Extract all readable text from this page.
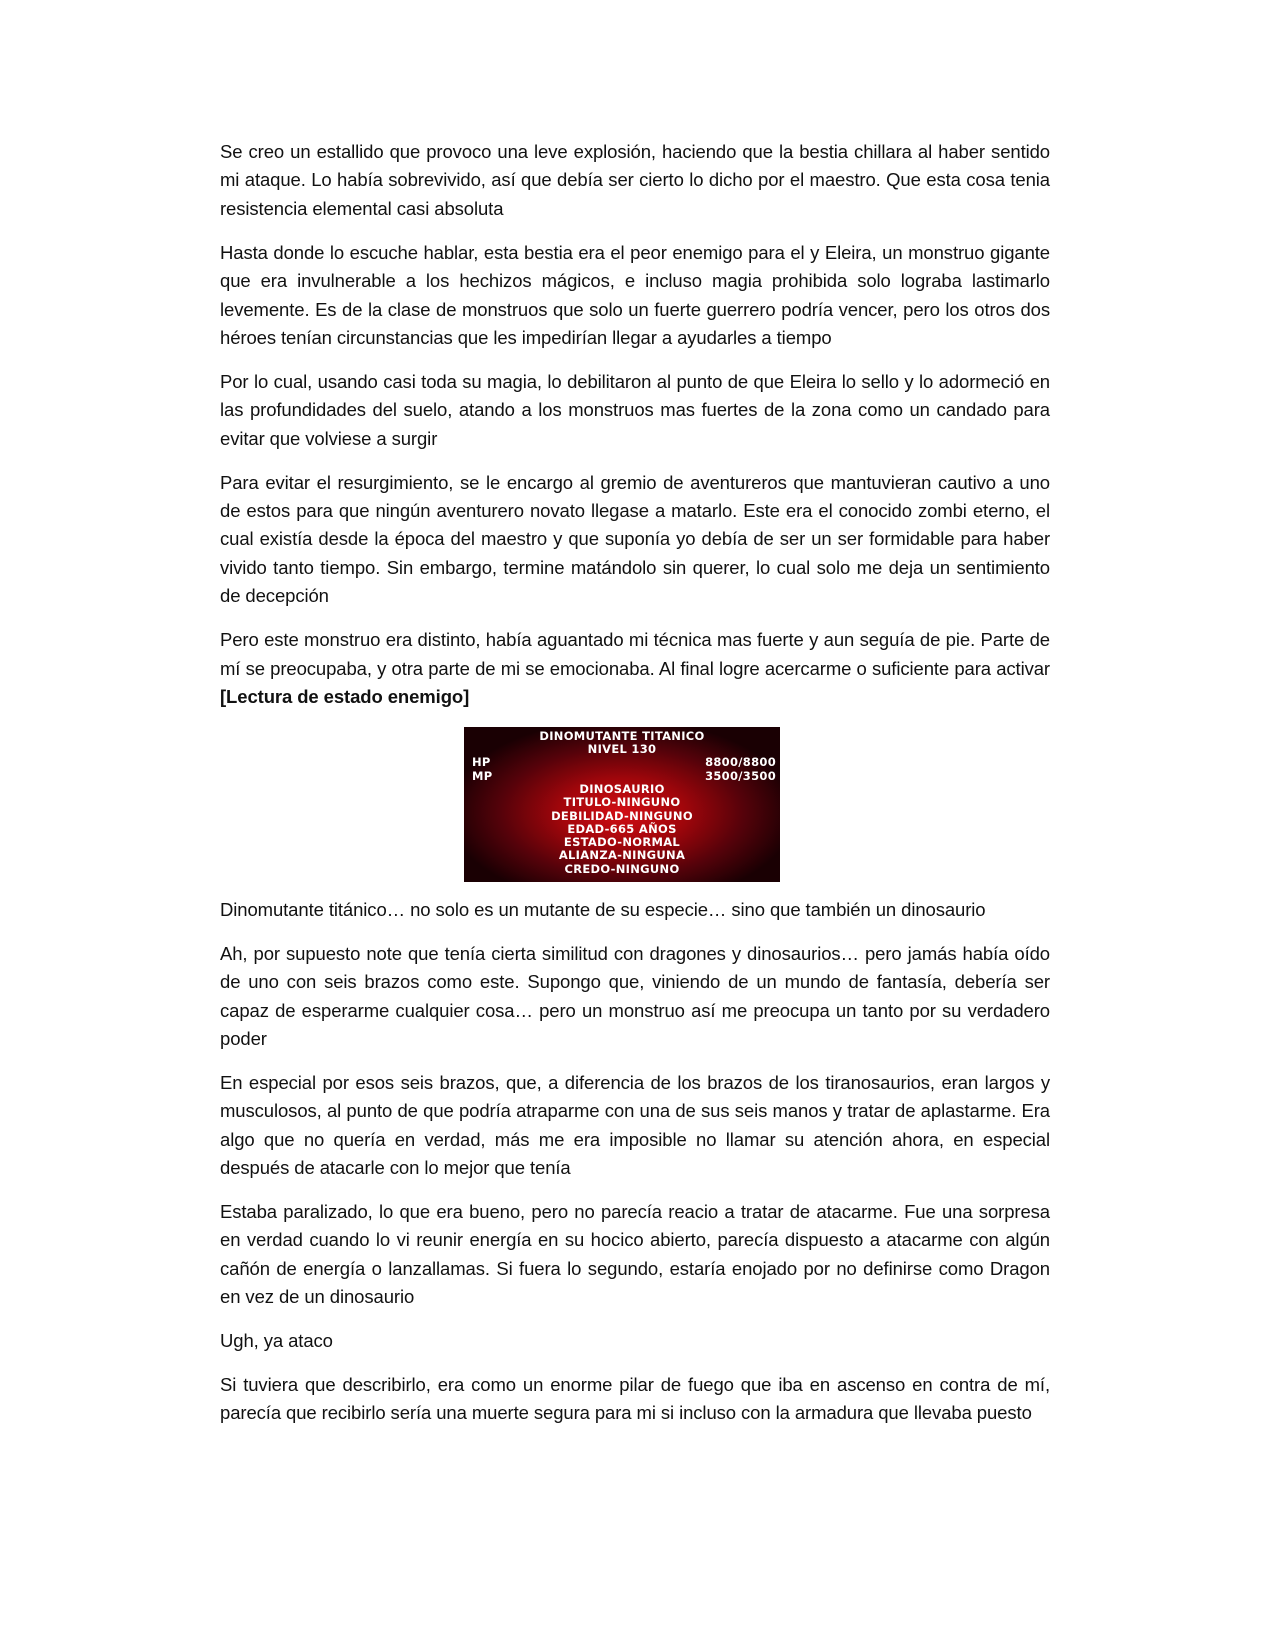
Se creo un estallido que provoco una leve explosión, haciendo que la bestia chillara al haber sentido mi ataque. Lo había sobrevivido, así que debía ser cierto lo dicho por el maestro. Que esta cosa tenia resistencia elemental casi absoluta

Hasta donde lo escuche hablar, esta bestia era el peor enemigo para el y Eleira, un monstruo gigante que era invulnerable a los hechizos mágicos, e incluso magia prohibida solo lograba lastimarlo levemente. Es de la clase de monstruos que solo un fuerte guerrero podría vencer, pero los otros dos héroes tenían circunstancias que les impedirían llegar a ayudarles a tiempo

Por lo cual, usando casi toda su magia, lo debilitaron al punto de que Eleira lo sello y lo adormeció en las profundidades del suelo, atando a los monstruos mas fuertes de la zona como un candado para evitar que volviese a surgir

Para evitar el resurgimiento, se le encargo al gremio de aventureros que mantuvieran cautivo a uno de estos para que ningún aventurero novato llegase a matarlo. Este era el conocido zombi eterno, el cual existía desde la época del maestro y que suponía yo debía de ser un ser formidable para haber vivido tanto tiempo. Sin embargo, termine matándolo sin querer, lo cual solo me deja un sentimiento de decepción

Pero este monstruo era distinto, había aguantado mi técnica mas fuerte y aun seguía de pie. Parte de mí se preocupaba, y otra parte de mi se emocionaba. Al final logre acercarme o suficiente para activar [Lectura de estado enemigo]

DINOMUTANTE TITANICO
NIVEL 130
HP	8800/8800
MP	3500/3500
DINOSAURIO
TITULO-NINGUNO
DEBILIDAD-NINGUNO
EDAD-665 AÑOS
ESTADO-NORMAL
ALIANZA-NINGUNA
CREDO-NINGUNO

Dinomutante titánico… no solo es un mutante de su especie… sino que también un dinosaurio

Ah, por supuesto note que tenía cierta similitud con dragones y dinosaurios… pero jamás había oído de uno con seis brazos como este. Supongo que, viniendo de un mundo de fantasía, debería ser capaz de esperarme cualquier cosa… pero un monstruo así me preocupa un tanto por su verdadero poder

En especial por esos seis brazos, que, a diferencia de los brazos de los tiranosaurios, eran largos y musculosos, al punto de que podría atraparme con una de sus seis manos y tratar de aplastarme. Era algo que no quería en verdad, más me era imposible no llamar su atención ahora, en especial después de atacarle con lo mejor que tenía

Estaba paralizado, lo que era bueno, pero no parecía reacio a tratar de atacarme. Fue una sorpresa en verdad cuando lo vi reunir energía en su hocico abierto, parecía dispuesto a atacarme con algún cañón de energía o lanzallamas. Si fuera lo segundo, estaría enojado por no definirse como Dragon en vez de un dinosaurio

Ugh, ya ataco

Si tuviera que describirlo, era como un enorme pilar de fuego que iba en ascenso en contra de mí, parecía que recibirlo sería una muerte segura para mi si incluso con la armadura que llevaba puesto
